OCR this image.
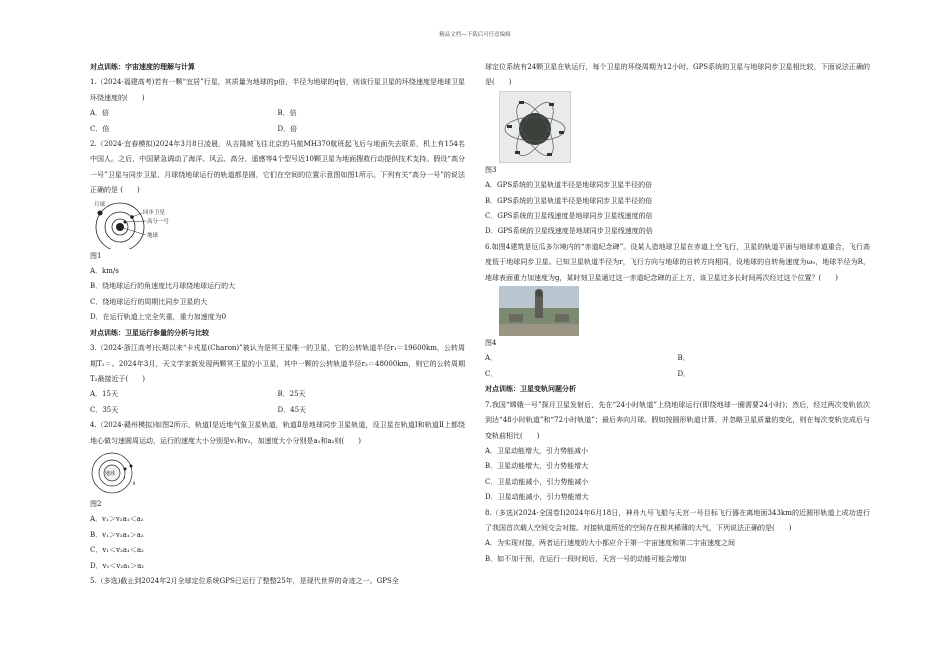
精品文档---下载后可任意编辑

对点训练：宇宙速度的理解与计算

1.（2024·福建高考)若有一颗“宜居”行星，其质量为地球的p倍，半径为地球的q倍，则该行星卫星的环绕速度是地球卫星环绕速度的(　　)

A．倍	B．倍
C．倍	D．倍

2.（2024·宜春模拟)2024年3月8日凌晨，从吉隆坡飞往北京的马航MH370航班起飞后与地面失去联系，机上有154名中国人。之后，中国紧急调动了海洋、风云、高分、遥感等4个型号近10颗卫星为地面搜救行动提供技术支持。假设“高分一号”卫星与同步卫星、月球绕地球运行的轨道都是圆，它们在空间的位置示意图如图1所示。下列有关“高分一号”的说法正确的是 (　　)

月球
同步卫星
高分一号
地球

图1

A．km/s

B．绕地球运行的角速度比月球绕地球运行的大

C．绕地球运行的周期比同步卫星的大

D．在运行轨道上完全失重，重力加速度为0

对点训练：卫星运行参量的分析与比较

3.（2024·浙江高考)长期以来“卡戎星(Charon)”被认为是冥王星唯一的卫星，它的公转轨道半径r₁＝19600km，公转周期T₁＝。2024年3月，天文学家新发现两颗冥王星的小卫星，其中一颗的公转轨道半径r₂＝48000km，则它的公转周期T₂最接近于(　　)

A．15天	B．25天
C．35天	D．45天

4.（2024·赣州模拟)如图2所示，轨道Ⅰ是近地气象卫星轨道，轨道Ⅱ是地球同步卫星轨道，设卫星在轨道Ⅰ和轨道Ⅱ上都绕地心做匀速圆周运动，运行的速度大小分别是v₁和v₂，加速度大小分别是a₁和a₂则(　　)

地球
Ⅰ
Ⅱ

图2

A．v₁＞v₂a₁＜a₂

B．v₁＞v₂a₁＞a₂

C．v₁＜v₂a₁＜a₂

D．v₁＜v₂a₁＞a₂

5.（多选)截止到2024年2月全球定位系统GPS已运行了整整25年，是现代世界的奇迹之一。GPS全

球定位系统有24颗卫星在轨运行，每个卫星的环绕周期为12小时。GPS系统的卫星与地球同步卫星相比较，下面说法正确的是(　　)

图3

A．GPS系统的卫星轨道半径是地球同步卫星半径的倍

B．GPS系统的卫星轨道半径是地球同步卫星半径的倍

C．GPS系统的卫星线速度是地球同步卫星线速度的倍

D．GPS系统的卫星线速度是地球同步卫星线速度的倍

6.如图4建筑是厄瓜多尔境内的“赤道纪念碑”。设某人造地球卫星在赤道上空飞行，卫星的轨道平面与地球赤道重合，飞行高度低于地球同步卫星。已知卫星轨道半径为r，飞行方向与地球的自转方向相同，设地球的自转角速度为ω₀，地球半径为R，地球表面重力加速度为g，某时刻卫星通过这一赤道纪念碑的正上方，该卫星过多长时间再次经过这个位置？(　　)

图4

A．	B．
C．	D．

对点训练：卫星变轨问题分析

7.我国“嫦娥一号”探月卫星发射后，先在“24小时轨道”上绕地球运行(即绕地球一圈需要24小时)；然后，经过两次变轨依次到达“48小时轨道”和“72小时轨道”；最后奔向月球。假如按圆形轨道计算，并忽略卫星质量的变化，则在每次变轨完成后与变轨前相比(　　)

A．卫星动能增大，引力势能减小

B．卫星动能增大，引力势能增大

C．卫星动能减小，引力势能减小

D．卫星动能减小，引力势能增大

8.（多选)(2024·全国卷Ⅰ)2024年6月18日，神舟九号飞船与天宫一号目标飞行器在离地面343km的近圆形轨道上成功进行了我国首次载人空间交会对接。对接轨道所处的空间存在极其稀薄的大气，下列说法正确的是(　　)

A．为实现对接，两者运行速度的大小都应介于第一宇宙速度和第二宇宙速度之间

B．如不加干预，在运行一段时间后，天宫一号的动能可能会增加
